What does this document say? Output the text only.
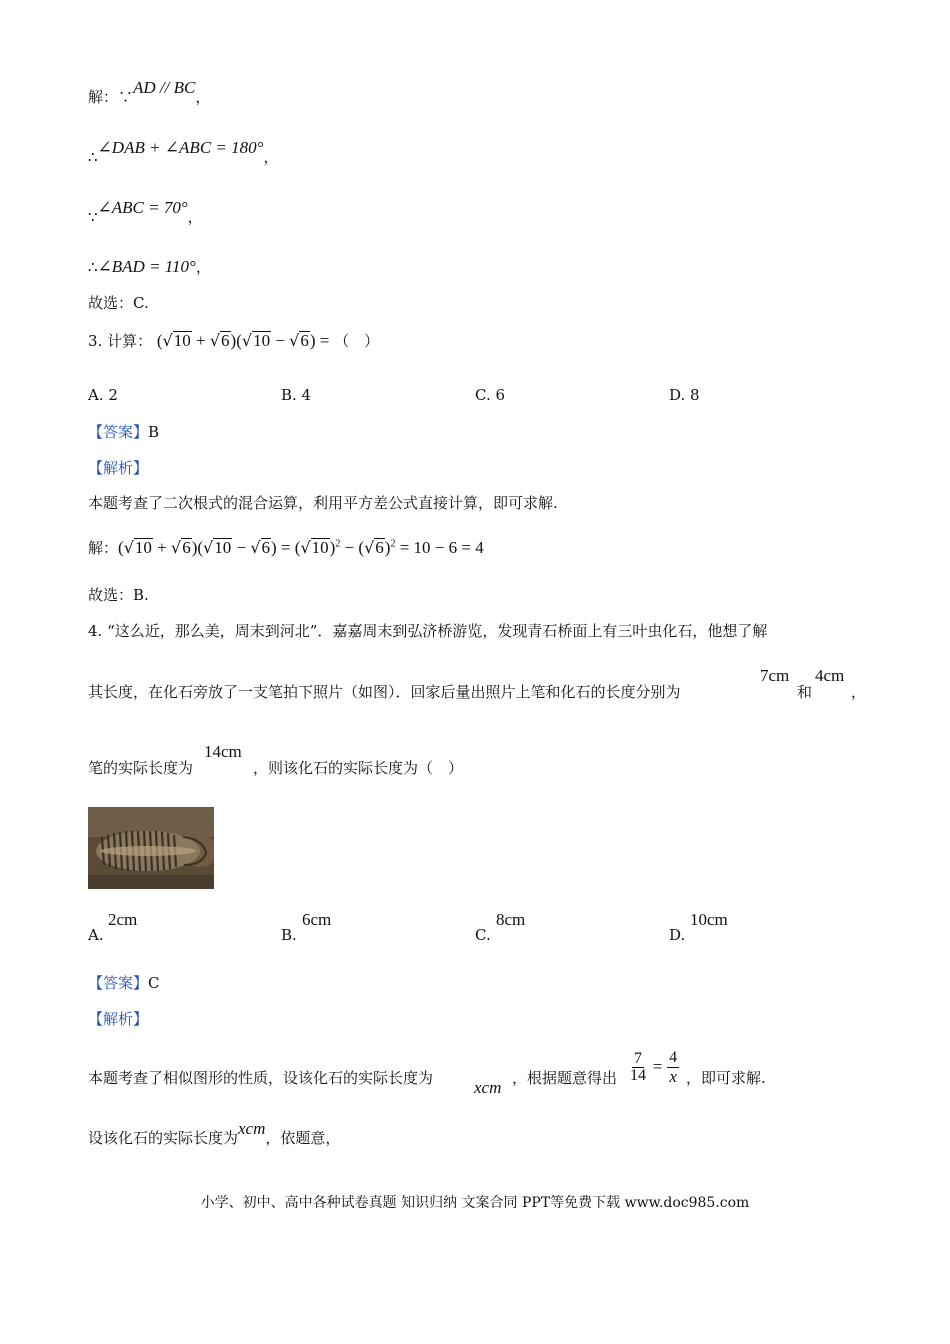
解：∵AD // BC，
∴∠DAB + ∠ABC = 180°，
∵∠ABC = 70°，
∴∠BAD = 110°，
故选：C.
3. 计算： (√10 + √6)(√10 − √6) = （　）
A. 2	B. 4	C. 6	D. 8
【答案】B
【解析】
本题考查了二次根式的混合运算，利用平方差公式直接计算，即可求解.
解：$(√10 + √6)(√10 - √6) = (√10)^2 - (√6)^2 = 10 - 6 = 4$
故选：B.
4. “这么近，那么美，周末到河北”．嘉嘉周末到弘济桥游览，发现青石桥面上有三叶虫化石，他想了解
其长度，在化石旁放了一支笔拍下照片（如图）．回家后量出照片上笔和化石的长度分别为
7cm
和
4cm
，
笔的实际长度为
14cm
，则该化石的实际长度为（　）
A.
2cm
B.
6cm
C.
8cm
D.
10cm
【答案】C
【解析】
本题考查了相似图形的性质，设该化石的实际长度为 xcm ，根据题意得出 $\frac{7}{14} = \frac{4}{x}$ ，即可求解.
设该化石的实际长度为xcm，依题意，
小学、初中、高中各种试卷真题 知识归纳 文案合同 PPT等免费下载 www.doc985.com
